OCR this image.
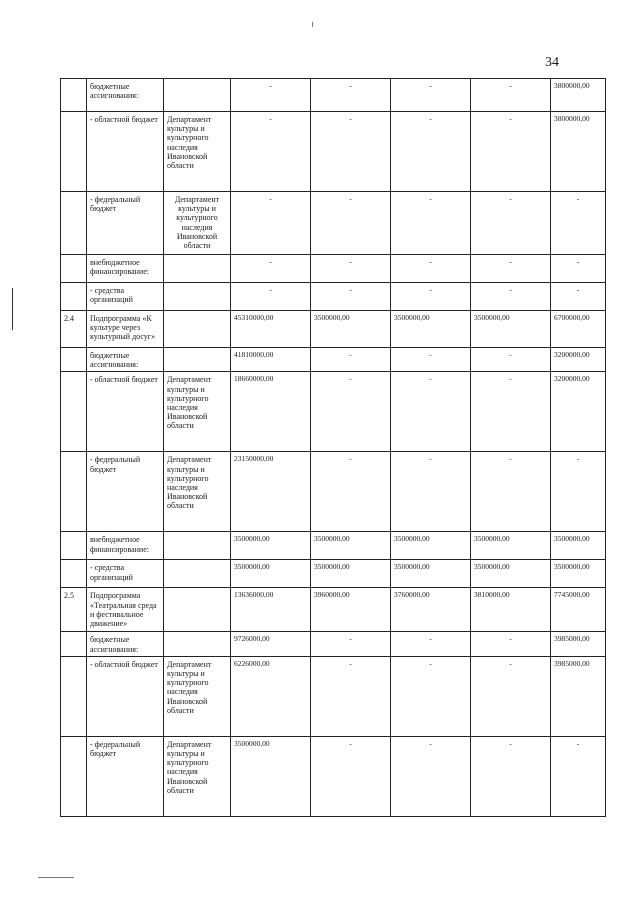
34
	бюджетные ассигнования:		-	-	-	-	3800000,00
	- областной бюджет	Департамент культуры и культурного наследия Ивановской области	-	-	-	-	3800000,00
	- федеральный бюджет	Департамент культуры и культурного наследия Ивановской области	-	-	-	-	-
	внебюджетное финансирование:		-	-	-	-	-
	- средства организаций		-	-	-	-	-
2.4	Подпрограмма «К культуре через культурный досуг»		45310000,00	3500000,00	3500000,00	3500000,00	6700000,00
	бюджетные ассигнования:		41810000,00	-	-	-	3200000,00
	- областной бюджет	Департамент культуры и культурного наследия Ивановской области	18660000,00	-	-	-	3200000,00
	- федеральный бюджет	Департамент культуры и культурного наследия Ивановской области	23150000,00	-	-	-	-
	внебюджетное финансирование:		3500000,00	3500000,00	3500000,00	3500000,00	3500000,00
	- средства организаций		3500000,00	3500000,00	3500000,00	3500000,00	3500000,00
2.5	Подпрограмма «Театральная среда и фестивальное движение»		13636000,00	3960000,00	3760000,00	3810000,00	7745000,00
	бюджетные ассигнования:		9726000,00	-	-	-	3985000,00
	- областной бюджет	Департамент культуры и культурного наследия Ивановской области	6226000,00	-	-	-	3985000,00
	- федеральный бюджет	Департамент культуры и культурного наследия Ивановской области	3500000,00	-	-	-	-
